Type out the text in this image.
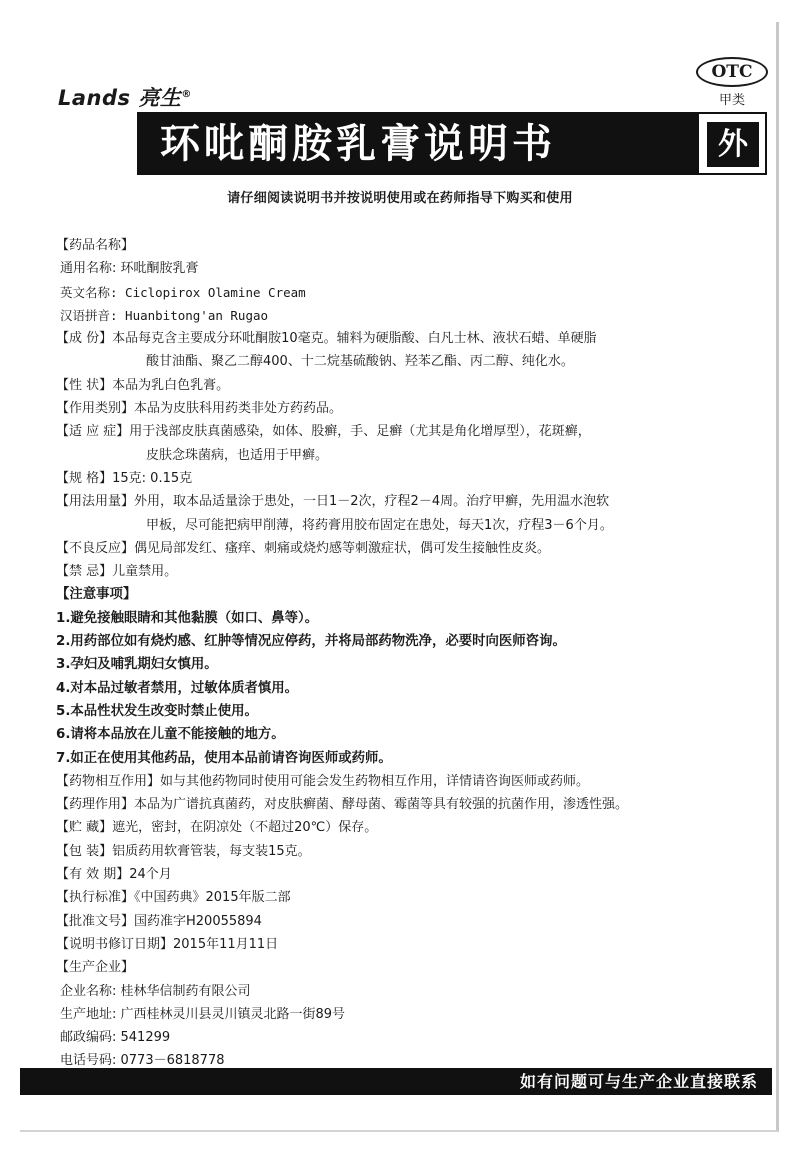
Lands 亮生®
OTC
甲类
环吡酮胺乳膏说明书	外
请仔细阅读说明书并按说明使用或在药师指导下购买和使用
【药品名称】
通用名称: 环吡酮胺乳膏
英文名称: Ciclopirox Olamine Cream
汉语拼音: Huanbitong'an Rugao
【成 份】本品每克含主要成分环吡酮胺10毫克。辅料为硬脂酸、白凡士林、液状石蜡、单硬脂
酸甘油酯、聚乙二醇400、十二烷基硫酸钠、羟苯乙酯、丙二醇、纯化水。
【性 状】本品为乳白色乳膏。
【作用类别】本品为皮肤科用药类非处方药药品。
【适 应 症】用于浅部皮肤真菌感染，如体、股癣，手、足癣（尤其是角化增厚型），花斑癣，
皮肤念珠菌病，也适用于甲癣。
【规 格】15克: 0.15克
【用法用量】外用，取本品适量涂于患处，一日1－2次，疗程2－4周。治疗甲癣，先用温水泡软
甲板，尽可能把病甲削薄，将药膏用胶布固定在患处，每天1次，疗程3－6个月。
【不良反应】偶见局部发红、瘙痒、刺痛或烧灼感等刺激症状，偶可发生接触性皮炎。
【禁 忌】儿童禁用。
【注意事项】
1.避免接触眼睛和其他黏膜（如口、鼻等）。
2.用药部位如有烧灼感、红肿等情况应停药，并将局部药物洗净，必要时向医师咨询。
3.孕妇及哺乳期妇女慎用。
4.对本品过敏者禁用，过敏体质者慎用。
5.本品性状发生改变时禁止使用。
6.请将本品放在儿童不能接触的地方。
7.如正在使用其他药品，使用本品前请咨询医师或药师。
【药物相互作用】如与其他药物同时使用可能会发生药物相互作用，详情请咨询医师或药师。
【药理作用】本品为广谱抗真菌药，对皮肤癣菌、酵母菌、霉菌等具有较强的抗菌作用，渗透性强。
【贮 藏】遮光，密封，在阴凉处（不超过20℃）保存。
【包 装】铝质药用软膏管装，每支装15克。
【有 效 期】24个月
【执行标准】《中国药典》2015年版二部
【批准文号】国药准字H20055894
【说明书修订日期】2015年11月11日
【生产企业】
企业名称: 桂林华信制药有限公司
生产地址: 广西桂林灵川县灵川镇灵北路一街89号
邮政编码: 541299
电话号码: 0773－6818778
如有问题可与生产企业直接联系
